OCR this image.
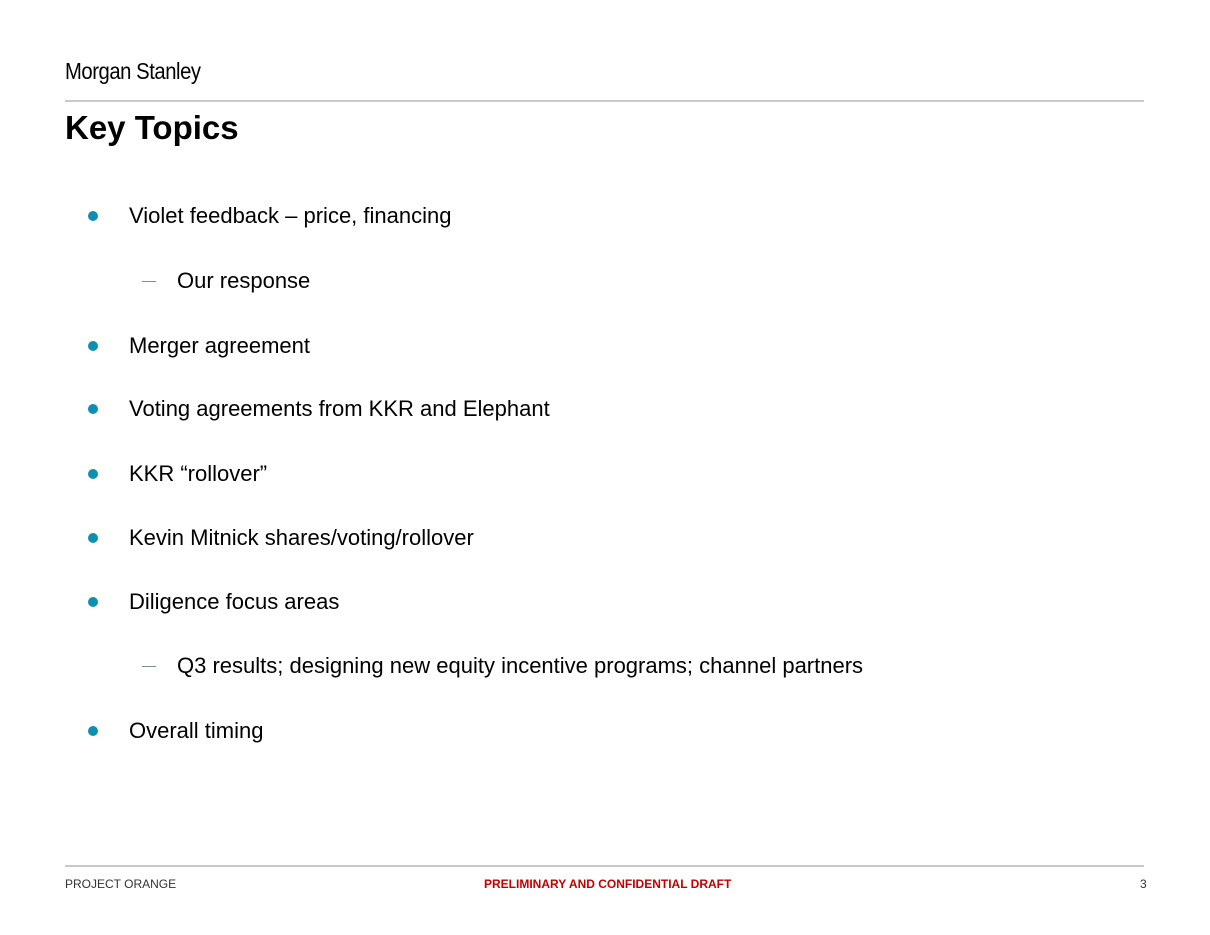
Morgan Stanley
Key Topics
Violet feedback – price, financing
Our response
Merger agreement
Voting agreements from KKR and Elephant
KKR “rollover”
Kevin Mitnick shares/voting/rollover
Diligence focus areas
Q3 results; designing new equity incentive programs; channel partners
Overall timing
PROJECT ORANGE	PRELIMINARY AND CONFIDENTIAL DRAFT	3
